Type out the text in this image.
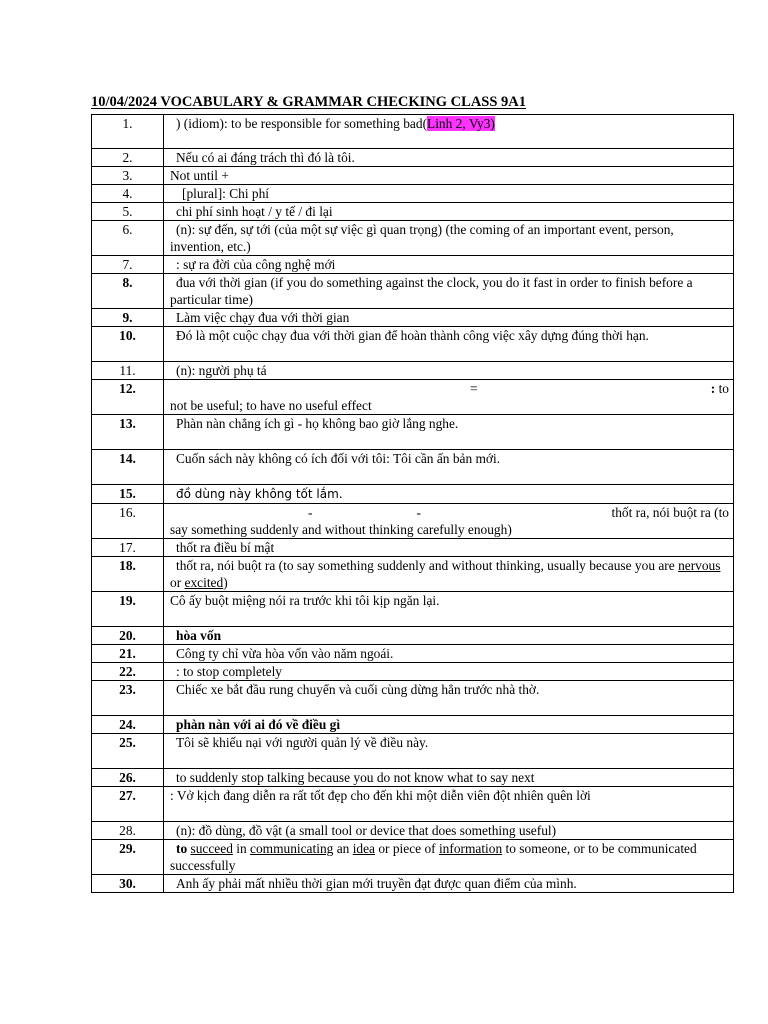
10/04/2024 VOCABULARY & GRAMMAR CHECKING CLASS 9A1
1.	) (idiom): to be responsible for something bad(Linh 2, Vy3)
2.	Nếu có ai đáng trách thì đó là tôi.
3.	Not until +
4.	[plural]: Chi phí
5.	chi phí sinh hoạt / y tế / đi lại
6.	(n): sự đến, sự tới (của một sự việc gì quan trọng) (the coming of an important event, person, invention, etc.)
7.	: sự ra đời của công nghệ mới
8.	đua với thời gian (if you do something against the clock, you do it fast in order to finish before a particular time)
9.	Làm việc chạy đua với thời gian
10.	Đó là một cuộc chạy đua với thời gian để hoàn thành công việc xây dựng đúng thời hạn.
11.	(n): người phụ tá
12.	= : to
not be useful; to have no useful effect

13.	Phàn nàn chẳng ích gì - họ không bao giờ lắng nghe.
14.	Cuốn sách này không có ích đối với tôi: Tôi cần ấn bản mới.
15.	đồ dùng này không tốt lắm.
16.	- - thốt ra, nói buột ra (to
say something suddenly and without thinking carefully enough)

17.	thốt ra điều bí mật
18.	thốt ra, nói buột ra (to say something suddenly and without thinking, usually because you are nervous or excited)
19.	Cô ấy buột miệng nói ra trước khi tôi kịp ngăn lại.
20.	hòa vốn
21.	Công ty chỉ vừa hòa vốn vào năm ngoái.
22.	: to stop completely
23.	Chiếc xe bắt đầu rung chuyển và cuối cùng dừng hẳn trước nhà thờ.
24.	phàn nàn với ai đó về điều gì
25.	Tôi sẽ khiếu nại với người quản lý về điều này.
26.	to suddenly stop talking because you do not know what to say next
27.	: Vở kịch đang diễn ra rất tốt đẹp cho đến khi một diễn viên đột nhiên quên lời
28.	(n): đồ dùng, đồ vật (a small tool or device that does something useful)
29.	to succeed in communicating an idea or piece of information to someone, or to be communicated successfully
30.	Anh ấy phải mất nhiều thời gian mới truyền đạt được quan điểm của mình.
